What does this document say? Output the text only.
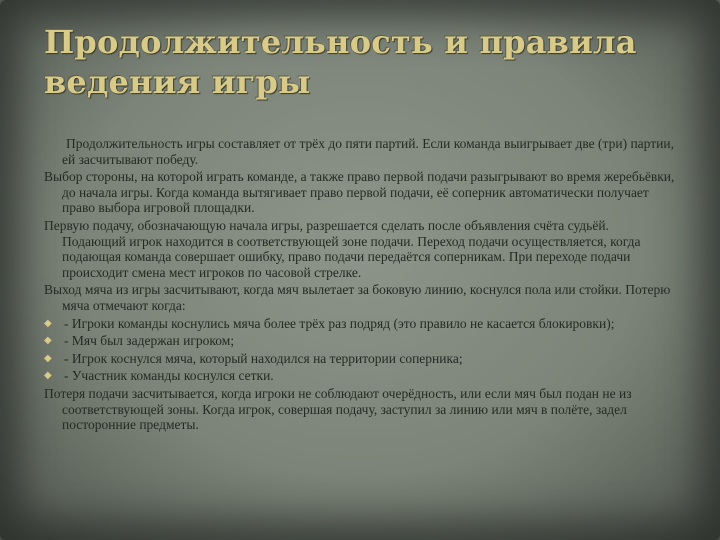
Продолжительность и правила ведения игры

Продолжительность игры составляет от трёх до пяти партий. Если команда выигрывает две (три) партии, ей засчитывают победу.

Выбор стороны, на которой играть команде, а также право первой подачи разыгрывают во время жеребьёвки, до начала игры. Когда команда вытягивает право первой подачи, её соперник автоматически получает право выбора игровой площадки.

Первую подачу, обозначающую начала игры, разрешается сделать после объявления счёта судьёй. Подающий игрок находится в соответствующей зоне подачи. Переход подачи осуществляется, когда подающая команда совершает ошибку, право подачи передаётся соперникам. При переходе подачи происходит смена мест игроков по часовой стрелке.

Выход мяча из игры засчитывают, когда мяч вылетает за боковую линию, коснулся пола или стойки. Потерю мяча отмечают когда:

◆ - Игроки команды коснулись мяча более трёх раз подряд (это правило не касается блокировки);
◆ - Мяч был задержан игроком;
◆ - Игрок коснулся мяча, который находился на территории соперника;
◆ - Участник команды коснулся сетки.

Потеря подачи засчитывается, когда игроки не соблюдают очерёдность, или если мяч был подан не из соответствующей зоны. Когда игрок, совершая подачу, заступил за линию или мяч в полёте, задел посторонние предметы.
